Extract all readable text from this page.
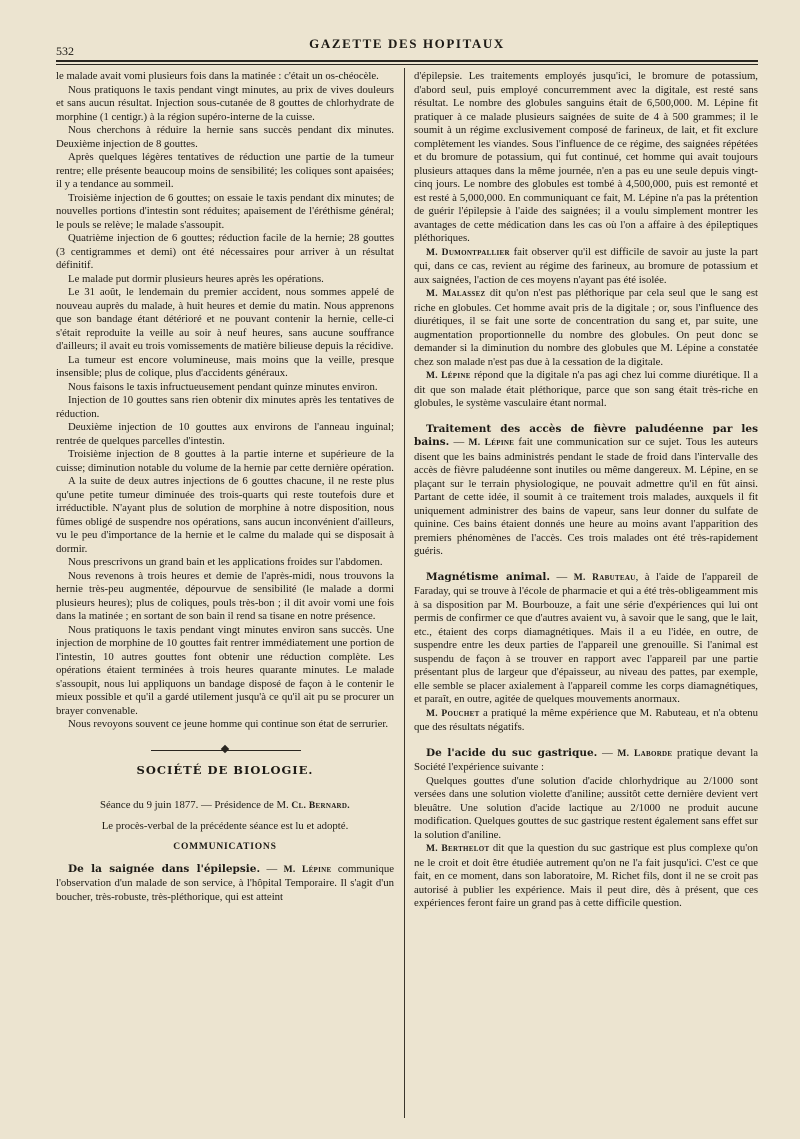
532	GAZETTE DES HOPITAUX

le malade avait vomi plusieurs fois dans la matinée : c'était un os-chéocèle.

Nous pratiquons le taxis pendant vingt minutes, au prix de vives douleurs et sans aucun résultat. Injection sous-cutanée de 8 gouttes de chlorhydrate de morphine (1 centigr.) à la région supéro-interne de la cuisse.

Nous cherchons à réduire la hernie sans succès pendant dix minutes. Deuxième injection de 8 gouttes.

Après quelques légères tentatives de réduction une partie de la tumeur rentre; elle présente beaucoup moins de sensibilité; les coliques sont apaisées; il y a tendance au sommeil.

Troisième injection de 6 gouttes; on essaie le taxis pendant dix minutes; de nouvelles portions d'intestin sont réduites; apaisement de l'éréthisme général; le pouls se relève; le malade s'assoupit.

Quatrième injection de 6 gouttes; réduction facile de la hernie; 28 gouttes (3 centigrammes et demi) ont été nécessaires pour arriver à un résultat définitif.

Le malade put dormir plusieurs heures après les opérations.

Le 31 août, le lendemain du premier accident, nous sommes appelé de nouveau auprès du malade, à huit heures et demie du matin. Nous apprenons que son bandage étant détérioré et ne pouvant contenir la hernie, celle-ci s'était reproduite la veille au soir à neuf heures, sans aucune souffrance d'ailleurs; il avait eu trois vomissements de matière bilieuse depuis la récidive.

La tumeur est encore volumineuse, mais moins que la veille, presque insensible; plus de colique, plus d'accidents généraux.

Nous faisons le taxis infructueusement pendant quinze minutes environ.

Injection de 10 gouttes sans rien obtenir dix minutes après les tentatives de réduction.

Deuxième injection de 10 gouttes aux environs de l'anneau inguinal; rentrée de quelques parcelles d'intestin.

Troisième injection de 8 gouttes à la partie interne et supérieure de la cuisse; diminution notable du volume de la hernie par cette dernière opération.

A la suite de deux autres injections de 6 gouttes chacune, il ne reste plus qu'une petite tumeur diminuée des trois-quarts qui reste toutefois dure et irréductible. N'ayant plus de solution de morphine à notre disposition, nous fûmes obligé de suspendre nos opérations, sans aucun inconvénient d'ailleurs, vu le peu d'importance de la hernie et le calme du malade qui se disposait à dormir.

Nous prescrivons un grand bain et les applications froides sur l'abdomen.

Nous revenons à trois heures et demie de l'après-midi, nous trouvons la hernie très-peu augmentée, dépourvue de sensibilité (le malade a dormi plusieurs heures); plus de coliques, pouls très-bon ; il dit avoir vomi une fois dans la matinée ; en sortant de son bain il rend sa tisane en notre présence.

Nous pratiquons le taxis pendant vingt minutes environ sans succès. Une injection de morphine de 10 gouttes fait rentrer immédiatement une portion de l'intestin, 10 autres gouttes font obtenir une réduction complète. Les opérations étaient terminées à trois heures quarante minutes. Le malade s'assoupit, nous lui appliquons un bandage disposé de façon à le contenir le mieux possible et qu'il a gardé utilement jusqu'à ce qu'il ait pu se procurer un brayer convenable.

Nous revoyons souvent ce jeune homme qui continue son état de serrurier.

SOCIÉTÉ DE BIOLOGIE.

Séance du 9 juin 1877. — Présidence de M. Cl. Bernard.

Le procès-verbal de la précédente séance est lu et adopté.

COMMUNICATIONS

De la saignée dans l'épilepsie. — M. Lépine communique l'observation d'un malade de son service, à l'hôpital Temporaire. Il s'agit d'un boucher, très-robuste, très-pléthorique, qui est atteint

d'épilepsie. Les traitements employés jusqu'ici, le bromure de potassium, d'abord seul, puis employé concurremment avec la digitale, est resté sans résultat. Le nombre des globules sanguins était de 6,500,000. M. Lépine fit pratiquer à ce malade plusieurs saignées de suite de 4 à 500 grammes; il le soumit à un régime exclusivement composé de farineux, de lait, et fit exclure complètement les viandes. Sous l'influence de ce régime, des saignées répétées et du bromure de potassium, qui fut continué, cet homme qui avait toujours plusieurs attaques dans la même journée, n'en a pas eu une seule depuis vingt-cinq jours. Le nombre des globules est tombé à 4,500,000, puis est remonté et est resté à 5,000,000. En communiquant ce fait, M. Lépine n'a pas la prétention de guérir l'épilepsie à l'aide des saignées; il a voulu simplement montrer les avantages de cette médication dans les cas où l'on a affaire à des épileptiques pléthoriques.

M. Dumontpallier fait observer qu'il est difficile de savoir au juste la part qui, dans ce cas, revient au régime des farineux, au bromure de potassium et aux saignées, l'action de ces moyens n'ayant pas été isolée.

M. Malassez dit qu'on n'est pas pléthorique par cela seul que le sang est riche en globules. Cet homme avait pris de la digitale ; or, sous l'influence des diurétiques, il se fait une sorte de concentration du sang et, par suite, une augmentation proportionnelle du nombre des globules. On peut donc se demander si la diminution du nombre des globules que M. Lépine a constatée chez son malade n'est pas due à la cessation de la digitale.

M. Lépine répond que la digitale n'a pas agi chez lui comme diurétique. Il a dit que son malade était pléthorique, parce que son sang était très-riche en globules, le système vasculaire étant normal.

Traitement des accès de fièvre paludéenne par les bains. — M. Lépine fait une communication sur ce sujet. Tous les auteurs disent que les bains administrés pendant le stade de froid dans l'intervalle des accès de fièvre paludéenne sont inutiles ou même dangereux. M. Lépine, en se plaçant sur le terrain physiologique, ne pouvait admettre qu'il en fût ainsi. Partant de cette idée, il soumit à ce traitement trois malades, auxquels il fit uniquement administrer des bains de vapeur, sans leur donner du sulfate de quinine. Ces bains étaient donnés une heure au moins avant l'apparition des premiers phénomènes de l'accès. Ces trois malades ont été très-rapidement guéris.

Magnétisme animal. — M. Rabuteau, à l'aide de l'appareil de Faraday, qui se trouve à l'école de pharmacie et qui a été très-obligeamment mis à sa disposition par M. Bourbouze, a fait une série d'expériences qui lui ont permis de confirmer ce que d'autres avaient vu, à savoir que le sang, que le lait, etc., étaient des corps diamagnétiques. Mais il a eu l'idée, en outre, de suspendre entre les deux parties de l'appareil une grenouille. Si l'animal est suspendu de façon à se trouver en rapport avec l'appareil par une partie présentant plus de largeur que d'épaisseur, au niveau des pattes, par exemple, elle semble se placer axialement à l'appareil comme les corps diamagnétiques, et paraît, en outre, agitée de quelques mouvements anormaux.

M. Pouchet a pratiqué la même expérience que M. Rabuteau, et n'a obtenu que des résultats négatifs.

De l'acide du suc gastrique. — M. Laborde pratique devant la Société l'expérience suivante :

Quelques gouttes d'une solution d'acide chlorhydrique au 2/1000 sont versées dans une solution violette d'aniline; aussitôt cette dernière devient vert bleuâtre. Une solution d'acide lactique au 2/1000 ne produit aucune modification. Quelques gouttes de suc gastrique restent également sans effet sur la solution d'aniline.

M. Berthelot dit que la question du suc gastrique est plus complexe qu'on ne le croit et doit être étudiée autrement qu'on ne l'a fait jusqu'ici. C'est ce que fait, en ce moment, dans son laboratoire, M. Richet fils, dont il ne se croit pas autorisé à publier les expérience. Mais il peut dire, dès à présent, que ces expériences feront faire un grand pas à cette difficile question.
